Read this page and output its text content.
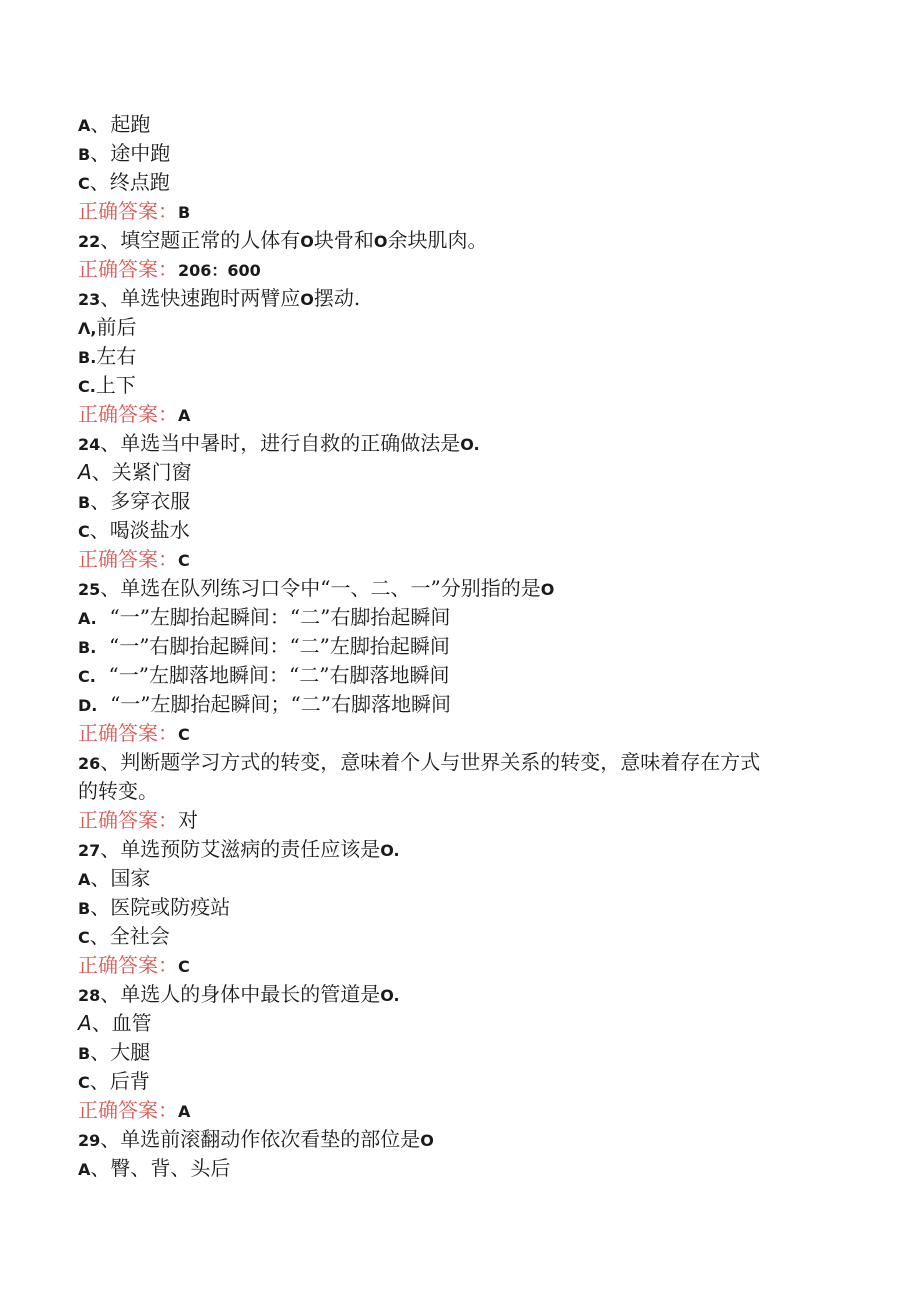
A、起跑
B、途中跑
C、终点跑
正确答案：B
22、填空题正常的人体有O块骨和O余块肌肉。
正确答案：206：600
23、单选快速跑时两臂应O摆动.
Λ,前后
B.左右
C.上下
正确答案：A
24、单选当中暑时，进行自救的正确做法是O.
A、关紧门窗
B、多穿衣服
C、喝淡盐水
正确答案：C
25、单选在队列练习口令中“一、二、一”分别指的是O
A.  “一”左脚抬起瞬间：“二”右脚抬起瞬间
B.  “一”右脚抬起瞬间：“二”左脚抬起瞬间
C.  “一”左脚落地瞬间：“二”右脚落地瞬间
D.  “一”左脚抬起瞬间；“二”右脚落地瞬间
正确答案：C
26、判断题学习方式的转变，意味着个人与世界关系的转变，意味着存在方式
的转变。
正确答案：对
27、单选预防艾滋病的责任应该是O.
A、国家
B、医院或防疫站
C、全社会
正确答案：C
28、单选人的身体中最长的管道是O.
A、血管
B、大腿
C、后背
正确答案：A
29、单选前滚翻动作依次看垫的部位是O
A、臀、背、头后
